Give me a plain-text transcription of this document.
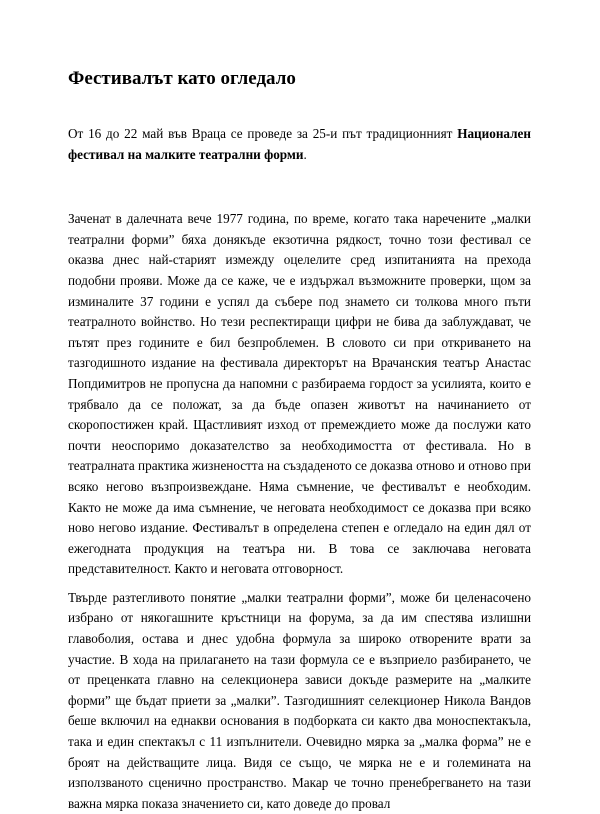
Фестивалът като огледало

От 16 до 22 май във Враца се проведе за 25-и път традиционният Национален фестивал на малките театрални форми.

Заченат в далечната вече 1977 година, по време, когато така наречените „малки театрални форми” бяха донякъде екзотична рядкост, точно този фестивал се оказва днес най-старият измежду оцелелите сред изпитанията на прехода подобни прояви. Може да се каже, че е издържал възможните проверки, щом за изминалите 37 години е успял да събере под знамето си толкова много пъти театралното войнство. Но тези респектиращи цифри не бива да заблуждават, че пътят през годините е бил безпроблемен. В словото си при откриването на тазгодишното издание на фестивала директорът на Врачанския театър Анастас Попдимитров не пропусна да напомни с разбираема гордост за усилията, които е трябвало да се положат, за да бъде опазен животът на начинанието от скоропостижен край. Щастливият изход от премеждието може да послужи като почти неоспоримо доказателство за необходимостта от фестивала. Но в театралната практика жизнеността на създаденото се доказва отново и отново при всяко негово възпроизвеждане. Няма съмнение, че фестивалът е необходим. Както не може да има съмнение, че неговата необходимост се доказва при всяко ново негово издание. Фестивалът в определена степен е огледало на един дял от ежегодната продукция на театъра ни. В това се заключава неговата представителност. Както и неговата отговорност.

Твърде разтегливото понятие „малки театрални форми”, може би целенасочено избрано от някогашните кръстници на форума, за да им спестява излишни главоболия, остава и днес удобна формула за широко отворените врати за участие. В хода на прилагането на тази формула се е възприело разбирането, че от преценката главно на селекционера зависи докъде размерите на „малките форми” ще бъдат приети за „малки”. Тазгодишният селекционер Никола Вандов беше включил на еднакви основания в подборката си както два моноспектакъла, така и един спектакъл с 11 изпълнители. Очевидно мярка за „малка форма” не е броят на действащите лица. Видя се също, че мярка не е и големината на използваното сценично пространство. Макар че точно пренебрегването на тази важна мярка показа значението си, като доведе до провал
